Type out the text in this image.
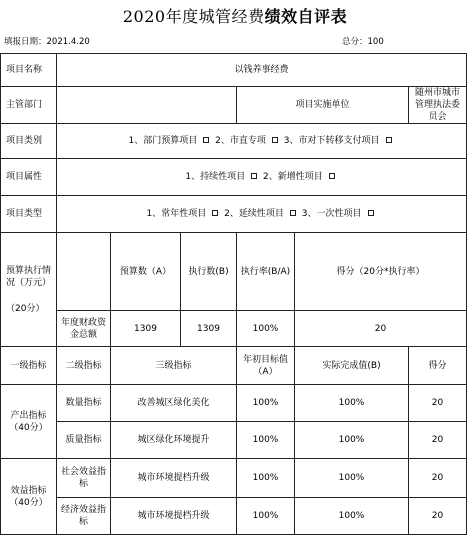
2020年度城管经费绩效自评表
填报日期：2021.4.20	总分：100
项目名称	以钱养事经费					
主管部门				项目实施单位		随州市城市管理执法委员会
项目类别	1、部门预算项目 2、市直专项 3、市对下转移支付项目					
项目属性	1、持续性项目 2、新增性项目					
项目类型	1、常年性项目 2、延续性项目 3、一次性项目					

预算执行情况（万元）
（20分）		预算数（A）	执行数(B)	执行率(B/A)	得分（20分*执行率）	
	年度财政资金总额	1309	1309	100%	20	
一级指标	二级指标	三级指标		年初目标值（A）	实际完成值(B)	得分
产出指标（40分）	数量指标	改善城区绿化美化		100%	100%	20
	质量指标	城区绿化环境提升		100%	100%	20
效益指标（40分）	社会效益指标	城市环境提档升级		100%	100%	20
	经济效益指标	城市环境提档升级		100%	100%	20
